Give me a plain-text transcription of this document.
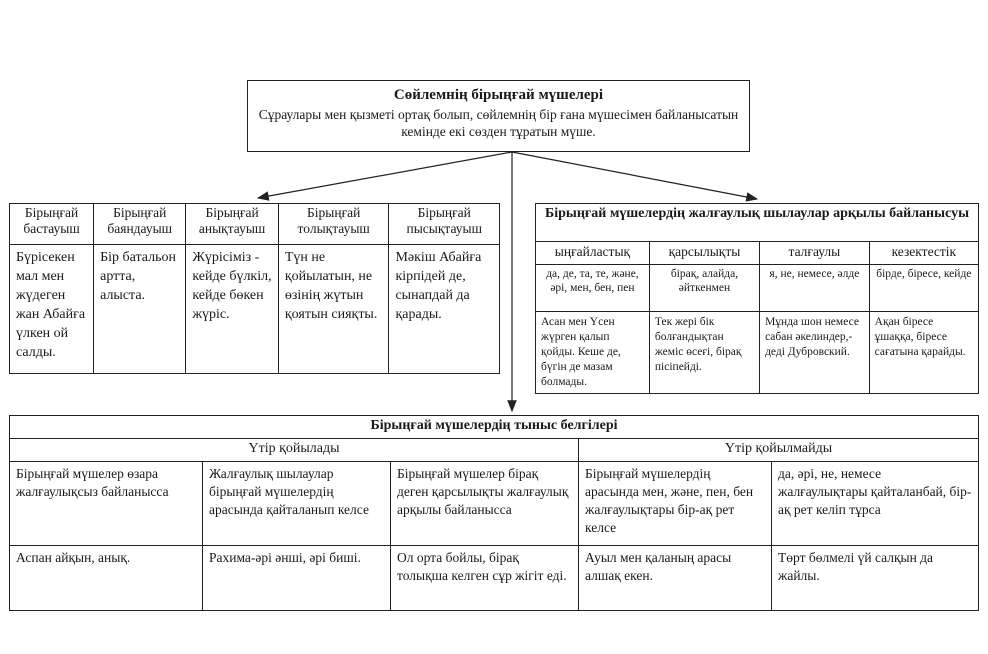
Сөйлемнің бірыңғай мүшелері
Сұраулары мен қызметі ортақ болып, сөйлемнің бір ғана мүшесімен байланысатын кемінде екі сөзден тұратын мүше.
Бірыңғай бастауыш	Бірыңғай баяндауыш	Бірыңғай анықтауыш	Бірыңғай толықтауыш	Бірыңғай пысықтауыш
Бүрісекен мал мен жүдеген жан Абайға үлкен ой салды.	Бір батальон артта, алыста.	Жүрісіміз - кейде бүлкіл, кейде бөкен жүріс.	Түн не қойылатын, не өзінің жүтын қоятын сияқты.	Мәкіш Абайға кірпідей де, сынапдай да қарады.
Бірыңғай мүшелердің жалғаулық шылаулар арқылы байланысуы			
ыңғайластық	қарсылықты	талғаулы	кезектестік
да, де, та, те, және, әрі, мен, бен, пен	бірақ, алайда, әйткенмен	я, не, немесе, әлде	бірде, біресе, кейде
Асан мен Үсен жүрген қалып қойды. Кеше де, бүгін де мазам болмады.	Тек жері бік болғандықтан жеміс өсеғі, бірақ пісіпейді.	Мұнда шон немесе сабан әкелиндер,-деді Дубровский.	Ақан біресе ұшаққа, біресе сағатына қарайды.
Бірыңғай мүшелердің тыныс белгілері				
Үтір қойылады			Үтір қойылмайды	
Бірыңғай мүшелер өзара жалғаулықсыз байланысса	Жалғаулық шылаулар бірыңғай мүшелердің арасында қайталанып келсе	Бірыңғай мүшелер бірақ деген қарсылықты жалғаулық арқылы байланысса	Бірыңғай мүшелердің арасында мен, және, пен, бен жалғаулықтары бір-ақ рет келсе	да, әрі, не, немесе жалғаулықтары қайталанбай, бір-ақ рет келіп тұрса
Аспан айқын, анық.	Рахима-әрі әнші, әрі биші.	Ол орта бойлы, бірақ толықша келген сұр жігіт еді.	Ауыл мен қаланың арасы алшақ екен.	Төрт бөлмелі үй салқын да жайлы.
